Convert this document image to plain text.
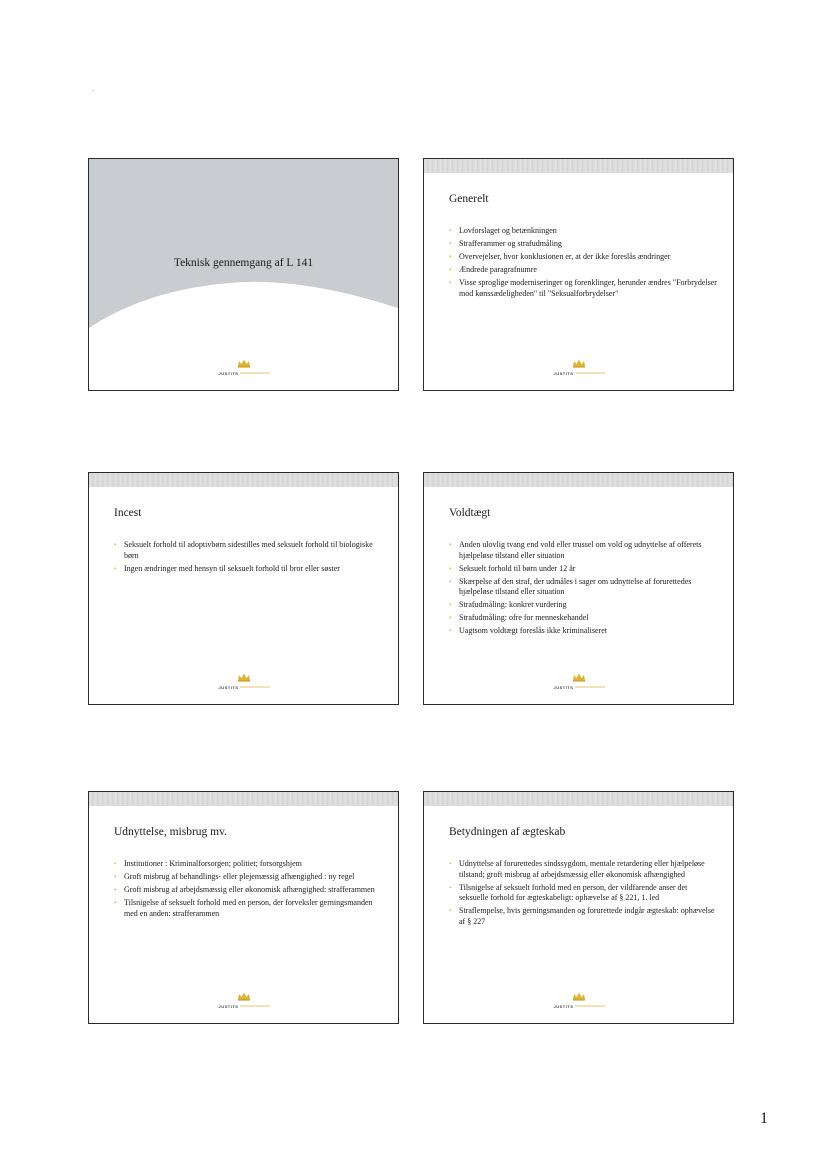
Teknisk gennemgang af L 141
JUSTITS
Generelt
• Lovforslaget og betænkningen
• Strafferammer og strafudmåling
• Overvejelser, hvor konklusionen er, at der ikke foreslås ændringer
• Ændrede paragrafnumre
• Visse sproglige moderniseringer og forenklinger, herunder ændres "Forbrydelser mod kønssædeligheden" til "Seksualforbrydelser"
JUSTITS
Incest
• Seksuelt forhold til adoptivbørn sidestilles med seksuelt forhold til biologiske børn
• Ingen ændringer med hensyn til seksuelt forhold til bror eller søster
JUSTITS
Voldtægt
• Anden ulovlig tvang end vold eller trussel om vold og udnyttelse af offerets hjælpeløse tilstand eller situation
• Seksuelt forhold til børn under 12 år
• Skærpelse af den straf, der udmåles i sager om udnyttelse af forurettedes hjælpeløse tilstand eller situation
• Strafudmåling: konkret vurdering
• Strafudmåling: ofre for menneskehandel
• Uagtsom voldtægt foreslås ikke kriminaliseret
JUSTITS
Udnyttelse, misbrug mv.
• Institutioner : Kriminalforsorgen; politiet; forsorgshjem
• Groft misbrug af behandlings- eller plejemæssig afhængighed : ny regel
• Groft misbrug af arbejdsmæssig eller økonomisk afhængighed: strafferammen
• Tilsnigelse af seksuelt forhold med en person, der forveksler gerningsmanden med en anden: strafferammen
JUSTITS
Betydningen af ægteskab
• Udnyttelse af forurettedes sindssygdom, mentale retardering eller hjælpeløse tilstand; groft misbrug af arbejdsmæssig eller økonomisk afhængighed
• Tilsnigelse af seksuelt forhold med en person, der vildfarende anser det seksuelle forhold for ægteskabeligt: ophævelse af § 221, 1. led
• Straflempelse, hvis gerningsmanden og forurettede indgår ægteskab: ophævelse af § 227
JUSTITS
1
